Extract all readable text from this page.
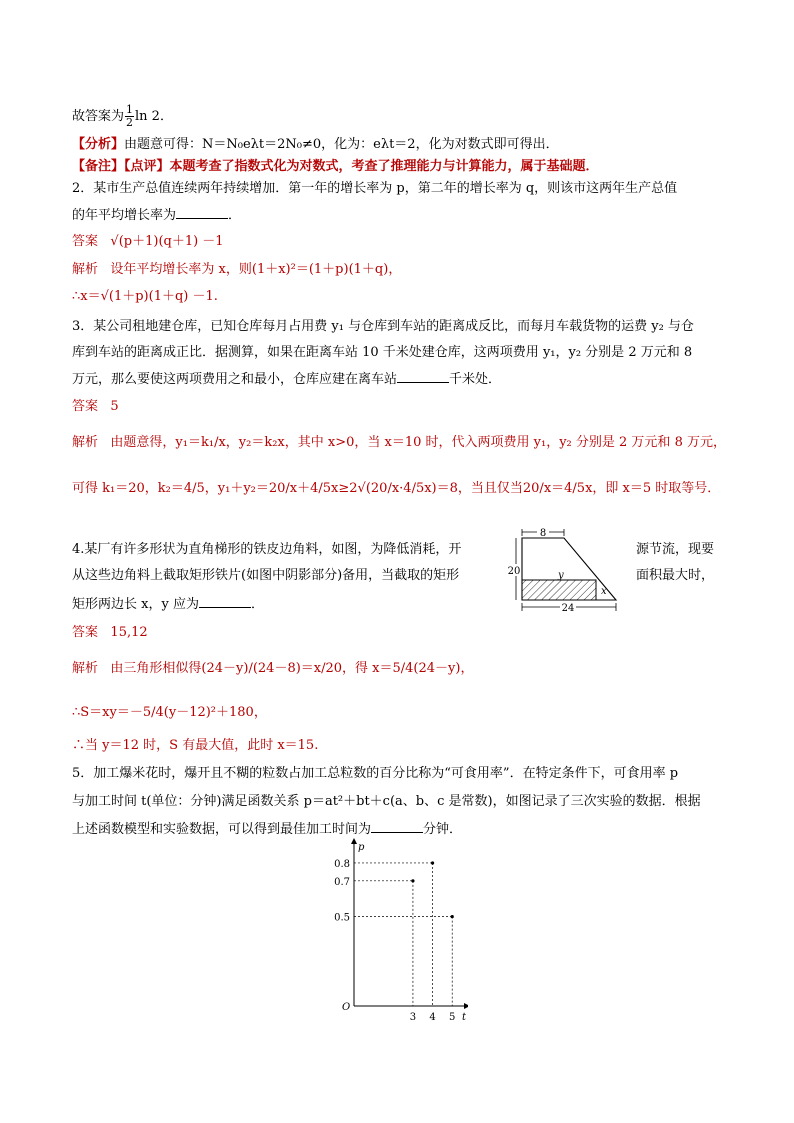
故答案为 $\frac{1}{2}$ ln 2．
【分析】由题意可得：N＝N₀eλt＝2N₀≠0，化为：eλt＝2，化为对数式即可得出．
【备注】【点评】本题考查了指数式化为对数式，考查了推理能力与计算能力，属于基础题．
2．某市生产总值连续两年持续增加．第一年的增长率为 p，第二年的增长率为 q，则该市这两年生产总值
的年平均增长率为	．
答案 √(p＋1)(q＋1) －1
解析 设年平均增长率为 x，则(1＋x)²＝(1＋p)(1＋q)，
∴x＝√(1＋p)(1＋q) －1.
3．某公司租地建仓库，已知仓库每月占用费 y₁ 与仓库到车站的距离成反比，而每月车载货物的运费 y₂ 与仓
库到车站的距离成正比．据测算，如果在距离车站 10 千米处建仓库，这两项费用 y₁，y₂ 分别是 2 万元和 8
万元，那么要使这两项费用之和最小，仓库应建在离车站	千米处．
答案 5
解析 由题意得，y₁＝k₁/x，y₂＝k₂x，其中 x>0，当 x＝10 时，代入两项费用 y₁，y₂ 分别是 2 万元和 8 万元，
可得 k₁＝20，k₂＝4/5，y₁＋y₂＝20/x＋4/5x≥2√(20/x·4/5x)＝8，当且仅当20/x＝4/5x，即 x＝5 时取等号．
4.某厂有许多形状为直角梯形的铁皮边角料，如图，为降低消耗，开	源节流，现要
从这些边角料上截取矩形铁片(如图中阴影部分)备用，当截取的矩形	面积最大时，
矩形两边长 x，y 应为	．
8
20	y
x
24
答案 15,12
解析 由三角形相似得(24－y)/(24－8)＝x/20，得 x＝5/4(24－y)，
∴S＝xy＝－5/4(y－12)²＋180，
∴当 y＝12 时，S 有最大值，此时 x＝15.
5．加工爆米花时，爆开且不糊的粒数占加工总粒数的百分比称为“可食用率”．在特定条件下，可食用率 p
与加工时间 t(单位：分钟)满足函数关系 p＝at²＋bt＋c(a、b、c 是常数)，如图记录了三次实验的数据．根据
上述函数模型和实验数据，可以得到最佳加工时间为	分钟．
p
t
O
3 4 5
0.8
0.7
0.5
